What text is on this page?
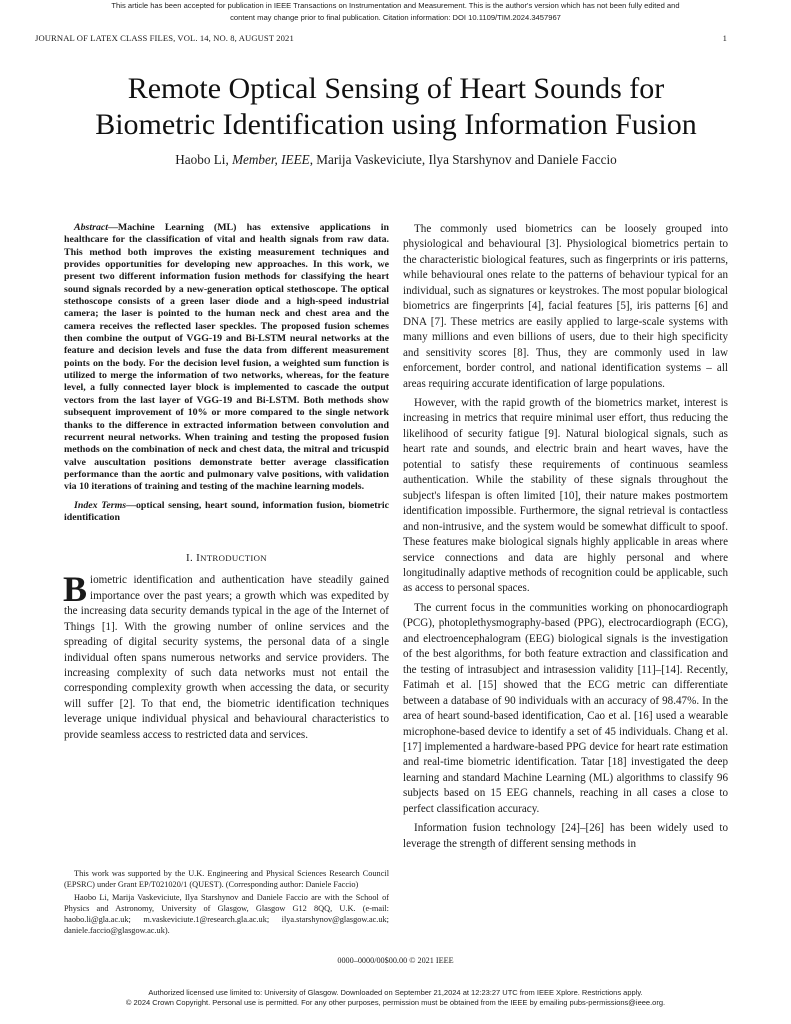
This article has been accepted for publication in IEEE Transactions on Instrumentation and Measurement. This is the author's version which has not been fully edited and
content may change prior to final publication. Citation information: DOI 10.1109/TIM.2024.3457967
JOURNAL OF LATEX CLASS FILES, VOL. 14, NO. 8, AUGUST 2021	1
Remote Optical Sensing of Heart Sounds for
Biometric Identification using Information Fusion
Haobo Li, Member, IEEE, Marija Vaskeviciute, Ilya Starshynov and Daniele Faccio

Abstract—Machine Learning (ML) has extensive applications in healthcare for the classification of vital and health signals from raw data. This method both improves the existing measurement techniques and provides opportunities for developing new approaches. In this work, we present two different information fusion methods for classifying the heart sound signals recorded by a new-generation optical stethoscope. The optical stethoscope consists of a green laser diode and a high-speed industrial camera; the laser is pointed to the human neck and chest area and the camera receives the reflected laser speckles. The proposed fusion schemes then combine the output of VGG-19 and Bi-LSTM neural networks at the feature and decision levels and fuse the data from different measurement points on the body. For the decision level fusion, a weighted sum function is utilized to merge the information of two networks, whereas, for the feature level, a fully connected layer block is implemented to cascade the output vectors from the last layer of VGG-19 and Bi-LSTM. Both methods show subsequent improvement of 10% or more compared to the single network thanks to the difference in extracted information between convolution and recurrent neural networks. When training and testing the proposed fusion methods on the combination of neck and chest data, the mitral and tricuspid valve auscultation positions demonstrate better average classification performance than the aortic and pulmonary valve positions, with validation via 10 iterations of training and testing of the machine learning models.

Index Terms—optical sensing, heart sound, information fusion, biometric identification

I. INTRODUCTION

Biometric identification and authentication have steadily gained importance over the past years; a growth which was expedited by the increasing data security demands typical in the age of the Internet of Things [1]. With the growing number of online services and the spreading of digital security systems, the personal data of a single individual often spans numerous networks and service providers. The increasing complexity of such data networks must not entail the corresponding complexity growth when accessing the data, or security will suffer [2]. To that end, the biometric identification techniques leverage unique individual physical and behavioural characteristics to provide seamless access to restricted data and services.

This work was supported by the U.K. Engineering and Physical Sciences Research Council (EPSRC) under Grant EP/T021020/1 (QUEST). (Corresponding author: Daniele Faccio)

Haobo Li, Marija Vaskeviciute, Ilya Starshynov and Daniele Faccio are with the School of Physics and Astronomy, University of Glasgow, Glasgow G12 8QQ, U.K. (e-mail: haobo.li@gla.ac.uk; m.vaskeviciute.1@research.gla.ac.uk; ilya.starshynov@glasgow.ac.uk; daniele.faccio@glasgow.ac.uk).

The commonly used biometrics can be loosely grouped into physiological and behavioural [3]. Physiological biometrics pertain to the characteristic biological features, such as fingerprints or iris patterns, while behavioural ones relate to the patterns of behaviour typical for an individual, such as signatures or keystrokes. The most popular biological biometrics are fingerprints [4], facial features [5], iris patterns [6] and DNA [7]. These metrics are easily applied to large-scale systems with many millions and even billions of users, due to their high specificity and sensitivity scores [8]. Thus, they are commonly used in law enforcement, border control, and national identification systems – all areas requiring accurate identification of large populations.

However, with the rapid growth of the biometrics market, interest is increasing in metrics that require minimal user effort, thus reducing the likelihood of security fatigue [9]. Natural biological signals, such as heart rate and sounds, and electric brain and heart waves, have the potential to satisfy these requirements of continuous seamless authentication. While the stability of these signals throughout the subject's lifespan is often limited [10], their nature makes postmortem identification impossible. Furthermore, the signal retrieval is contactless and non-intrusive, and the system would be somewhat difficult to spoof. These features make biological signals highly applicable in areas where service connections and data are highly personal and where longitudinally adaptive methods of recognition could be applicable, such as access to personal spaces.

The current focus in the communities working on phonocardiograph (PCG), photoplethysmography-based (PPG), electrocardiograph (ECG), and electroencephalogram (EEG) biological signals is the investigation of the best algorithms, for both feature extraction and classification and the testing of intrasubject and intrasession validity [11]–[14]. Recently, Fatimah et al. [15] showed that the ECG metric can differentiate between a database of 90 individuals with an accuracy of 98.47%. In the area of heart sound-based identification, Cao et al. [16] used a wearable microphone-based device to identify a set of 45 individuals. Chang et al. [17] implemented a hardware-based PPG device for heart rate estimation and real-time biometric identification. Tatar [18] investigated the deep learning and standard Machine Learning (ML) algorithms to classify 96 subjects based on 15 EEG channels, reaching in all cases a close to perfect classification accuracy.

Information fusion technology [24]–[26] has been widely used to leverage the strength of different sensing methods in

0000–0000/00$00.00 © 2021 IEEE
Authorized licensed use limited to: University of Glasgow. Downloaded on September 21,2024 at 12:23:27 UTC from IEEE Xplore. Restrictions apply.
© 2024 Crown Copyright. Personal use is permitted. For any other purposes, permission must be obtained from the IEEE by emailing pubs-permissions@ieee.org.
